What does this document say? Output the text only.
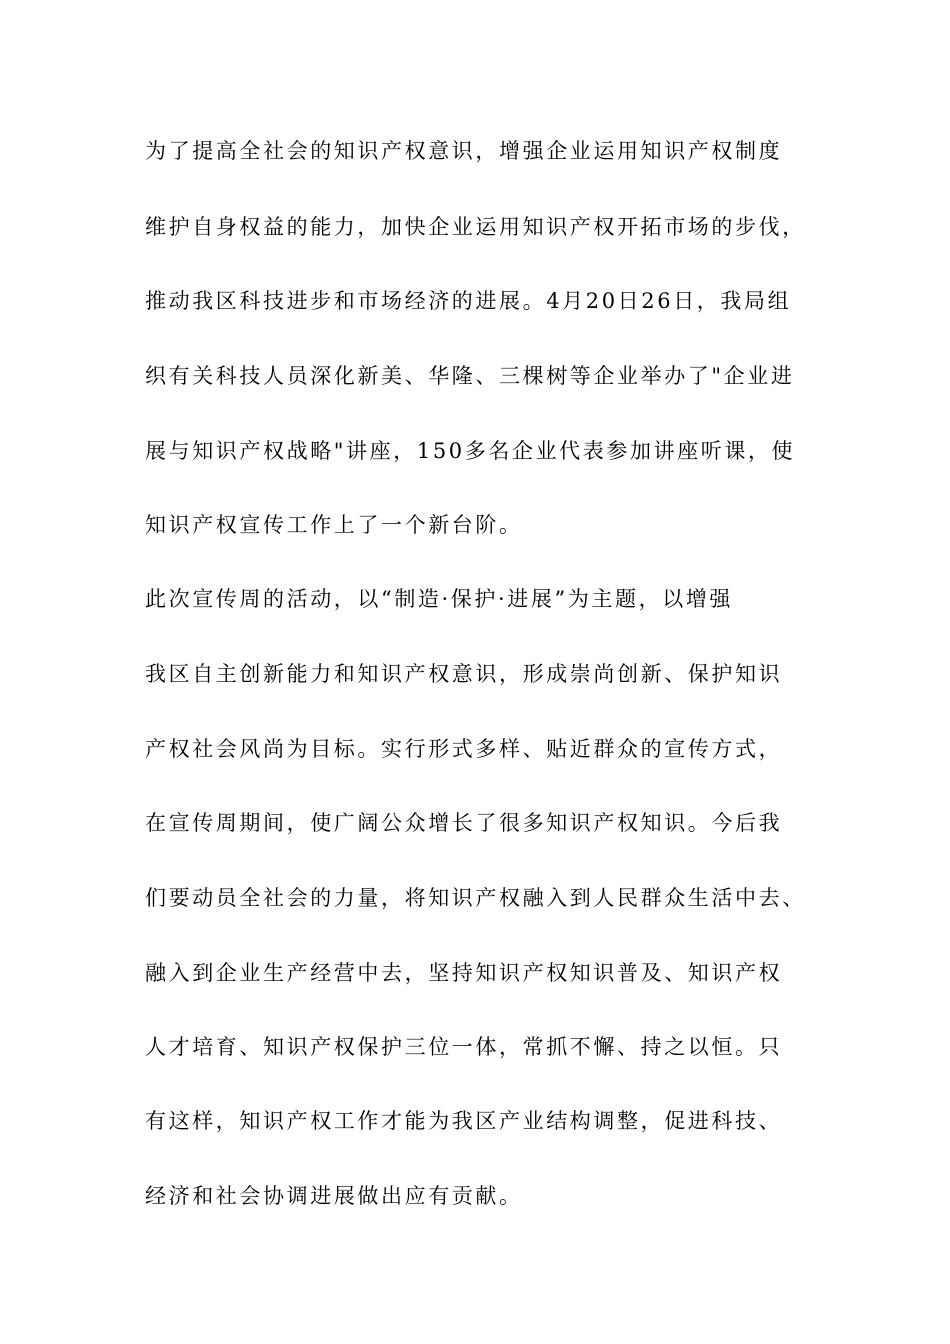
为了提高全社会的知识产权意识，增强企业运用知识产权制度
维护自身权益的能力，加快企业运用知识产权开拓市场的步伐，
推动我区科技进步和市场经济的进展。4月20日26日，我局组
织有关科技人员深化新美、华隆、三棵树等企业举办了"企业进
展与知识产权战略"讲座，150多名企业代表参加讲座听课，使
知识产权宣传工作上了一个新台阶。
此次宣传周的活动，以“制造·保护·进展”为主题，以增强
我区自主创新能力和知识产权意识，形成崇尚创新、保护知识
产权社会风尚为目标。实行形式多样、贴近群众的宣传方式，
在宣传周期间，使广阔公众增长了很多知识产权知识。今后我
们要动员全社会的力量，将知识产权融入到人民群众生活中去、
融入到企业生产经营中去，坚持知识产权知识普及、知识产权
人才培育、知识产权保护三位一体，常抓不懈、持之以恒。只
有这样，知识产权工作才能为我区产业结构调整，促进科技、
经济和社会协调进展做出应有贡献。
